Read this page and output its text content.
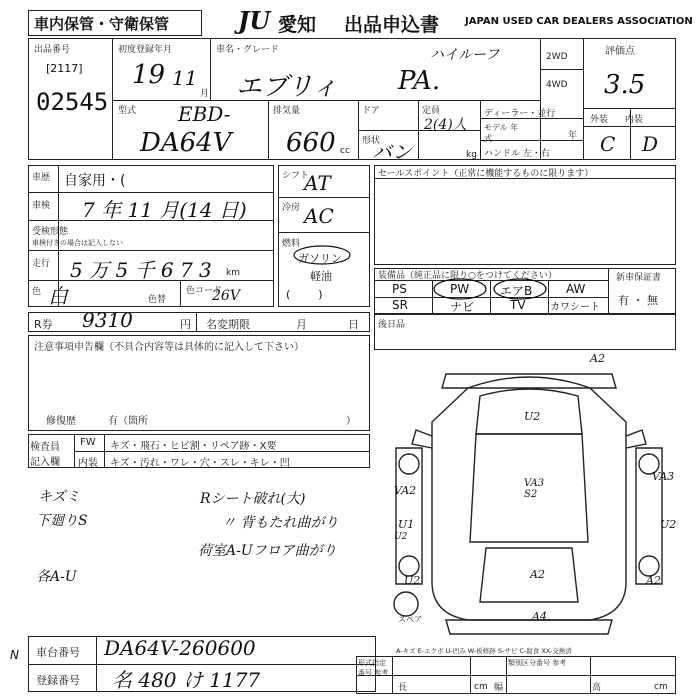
車内保管・守衛保管	JU 愛知 出品申込書	JAPAN USED CAR DEALERS ASSOCIATION
出品番号
[2117]
02545
初度登録年月
19 11
月
車名・グレード	ハイルーフ
エブリィ PA.
2WD
4WD
評価点
3.5
型式 EBD-
DA64V
排気量
660 cc
ドア	定員
2(4)人
形状
バン	kg
ディーラー・並行
モデル 年式	年
ハンドル 左・右
外装 内装
C D
車歴 自家用・(
車検 7 年 11 月(14 日)
受検形態
車検付きの場合は記入しない
走行 5 万 5 千 6 7 3 km
色 白	色替
色コード
26V
シフト
AT
冷房 AC
燃料
ガソリン
軽油
(        )
セールスポイント（正常に機能するものに限ります）
装備品（純正品に限り○をつけてください）
PS	PW	エアB	AW
SR	ナビ	TV カワシート
新車保証書
有 ・ 無
R券 9310	円 名変期限	月	日
注意事項申告欄（不具合内容等は具体的に記入して下さい）
修復歴	有（箇所	）
後日品
検査員
記入欄
FW キズ・飛石・ヒビ割・リペア跡・X要
内装 キズ・汚れ・ワレ・穴・スレ・キレ・凹
キズミ
下廻りS
Rシート破れ(大)
〃 背もたれ曲がり
荷室A-Uフロア曲がり
各A-U
A2
U2
VA3 S2
VA2
A2
U1
U2
U2
A2
A4
VA3
U2
スペア
A-キズ E-エクボ U-凹み W-板修跡 S-サビ C-腐食 XX-交換済
車台番号 DA64V-260600
登録番号 名 480 け 1177
N
形式指定番号 参考
類別区分番号 参考
長	cm 幅	高	cm
